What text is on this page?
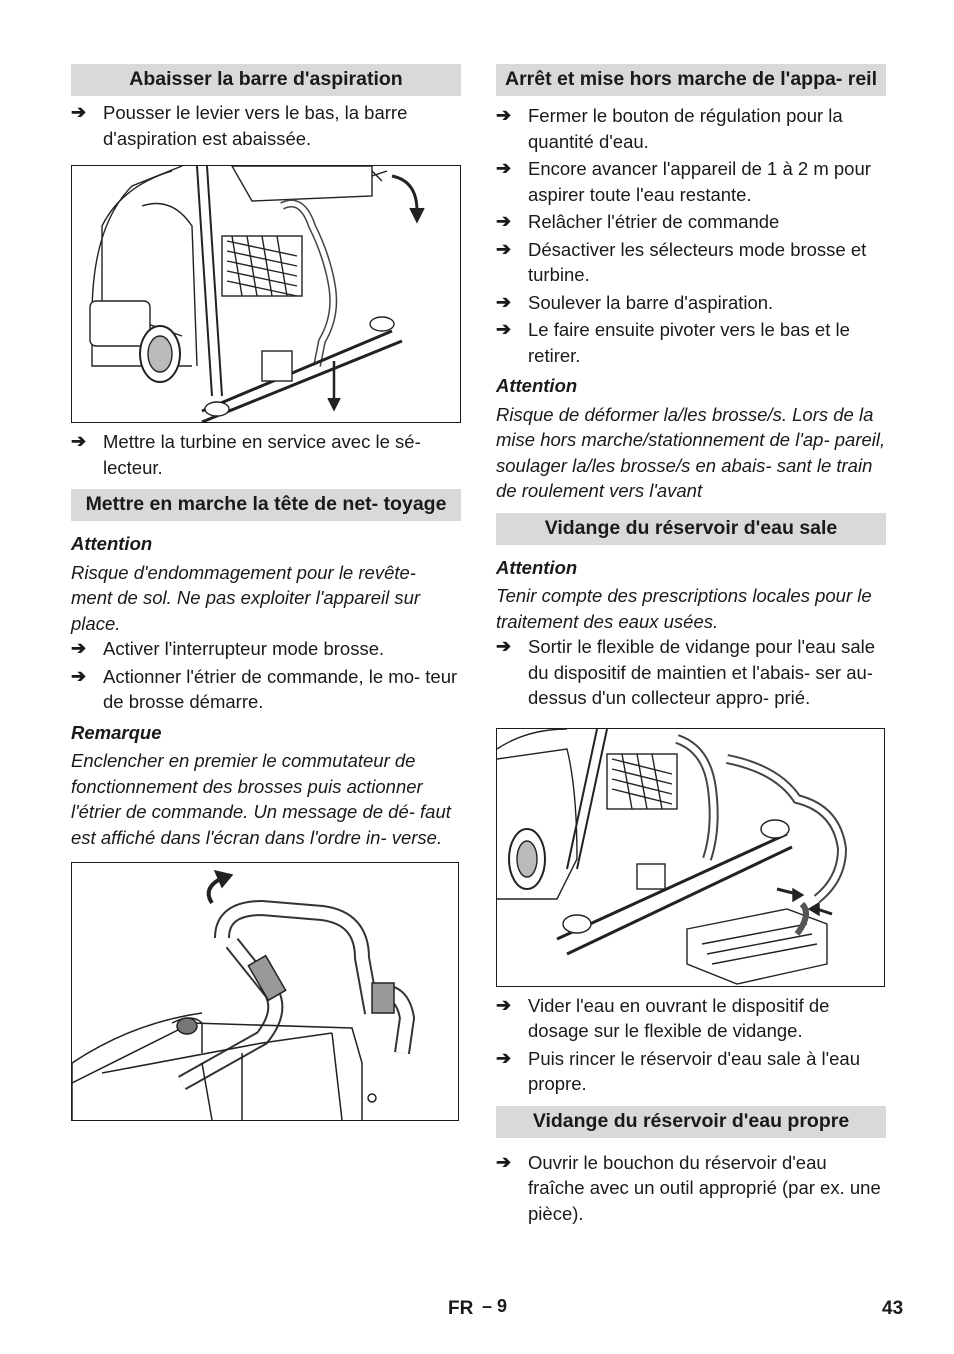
Abaisser la barre d'aspiration
➔ Pousser le levier vers le bas, la barre d'aspiration est abaissée.
➔ Mettre la turbine en service avec le sé- lecteur.
Mettre en marche la tête de net- toyage
Attention
Risque d'endommagement pour le revête- ment de sol. Ne pas exploiter l'appareil sur place.
➔ Activer l'interrupteur mode brosse.
➔ Actionner l'étrier de commande, le mo- teur de brosse démarre.
Remarque
Enclencher en premier le commutateur de fonctionnement des brosses puis actionner l'étrier de commande. Un message de dé- faut est affiché dans l'écran dans l'ordre in- verse.
Arrêt et mise hors marche de l'appa- reil
➔ Fermer le bouton de régulation pour la quantité d'eau.
➔ Encore avancer l'appareil de 1 à 2 m pour aspirer toute l'eau restante.
➔ Relâcher l'étrier de commande
➔ Désactiver les sélecteurs mode brosse et turbine.
➔ Soulever la barre d'aspiration.
➔ Le faire ensuite pivoter vers le bas et le retirer.
Attention
Risque de déformer la/les brosse/s. Lors de la mise hors marche/stationnement de l'ap- pareil, soulager la/les brosse/s en abais- sant le train de roulement vers l'avant
Vidange du réservoir d'eau sale
Attention
Tenir compte des prescriptions locales pour le traitement des eaux usées.
➔ Sortir le flexible de vidange pour l'eau sale du dispositif de maintien et l'abais- ser au-dessus d'un collecteur appro- prié.
➔ Vider l'eau en ouvrant le dispositif de dosage sur le flexible de vidange.
➔ Puis rincer le réservoir d'eau sale à l'eau propre.
Vidange du réservoir d'eau propre
➔ Ouvrir le bouchon du réservoir d'eau fraîche avec un outil approprié (par ex. une pièce).
FR – 9	43
